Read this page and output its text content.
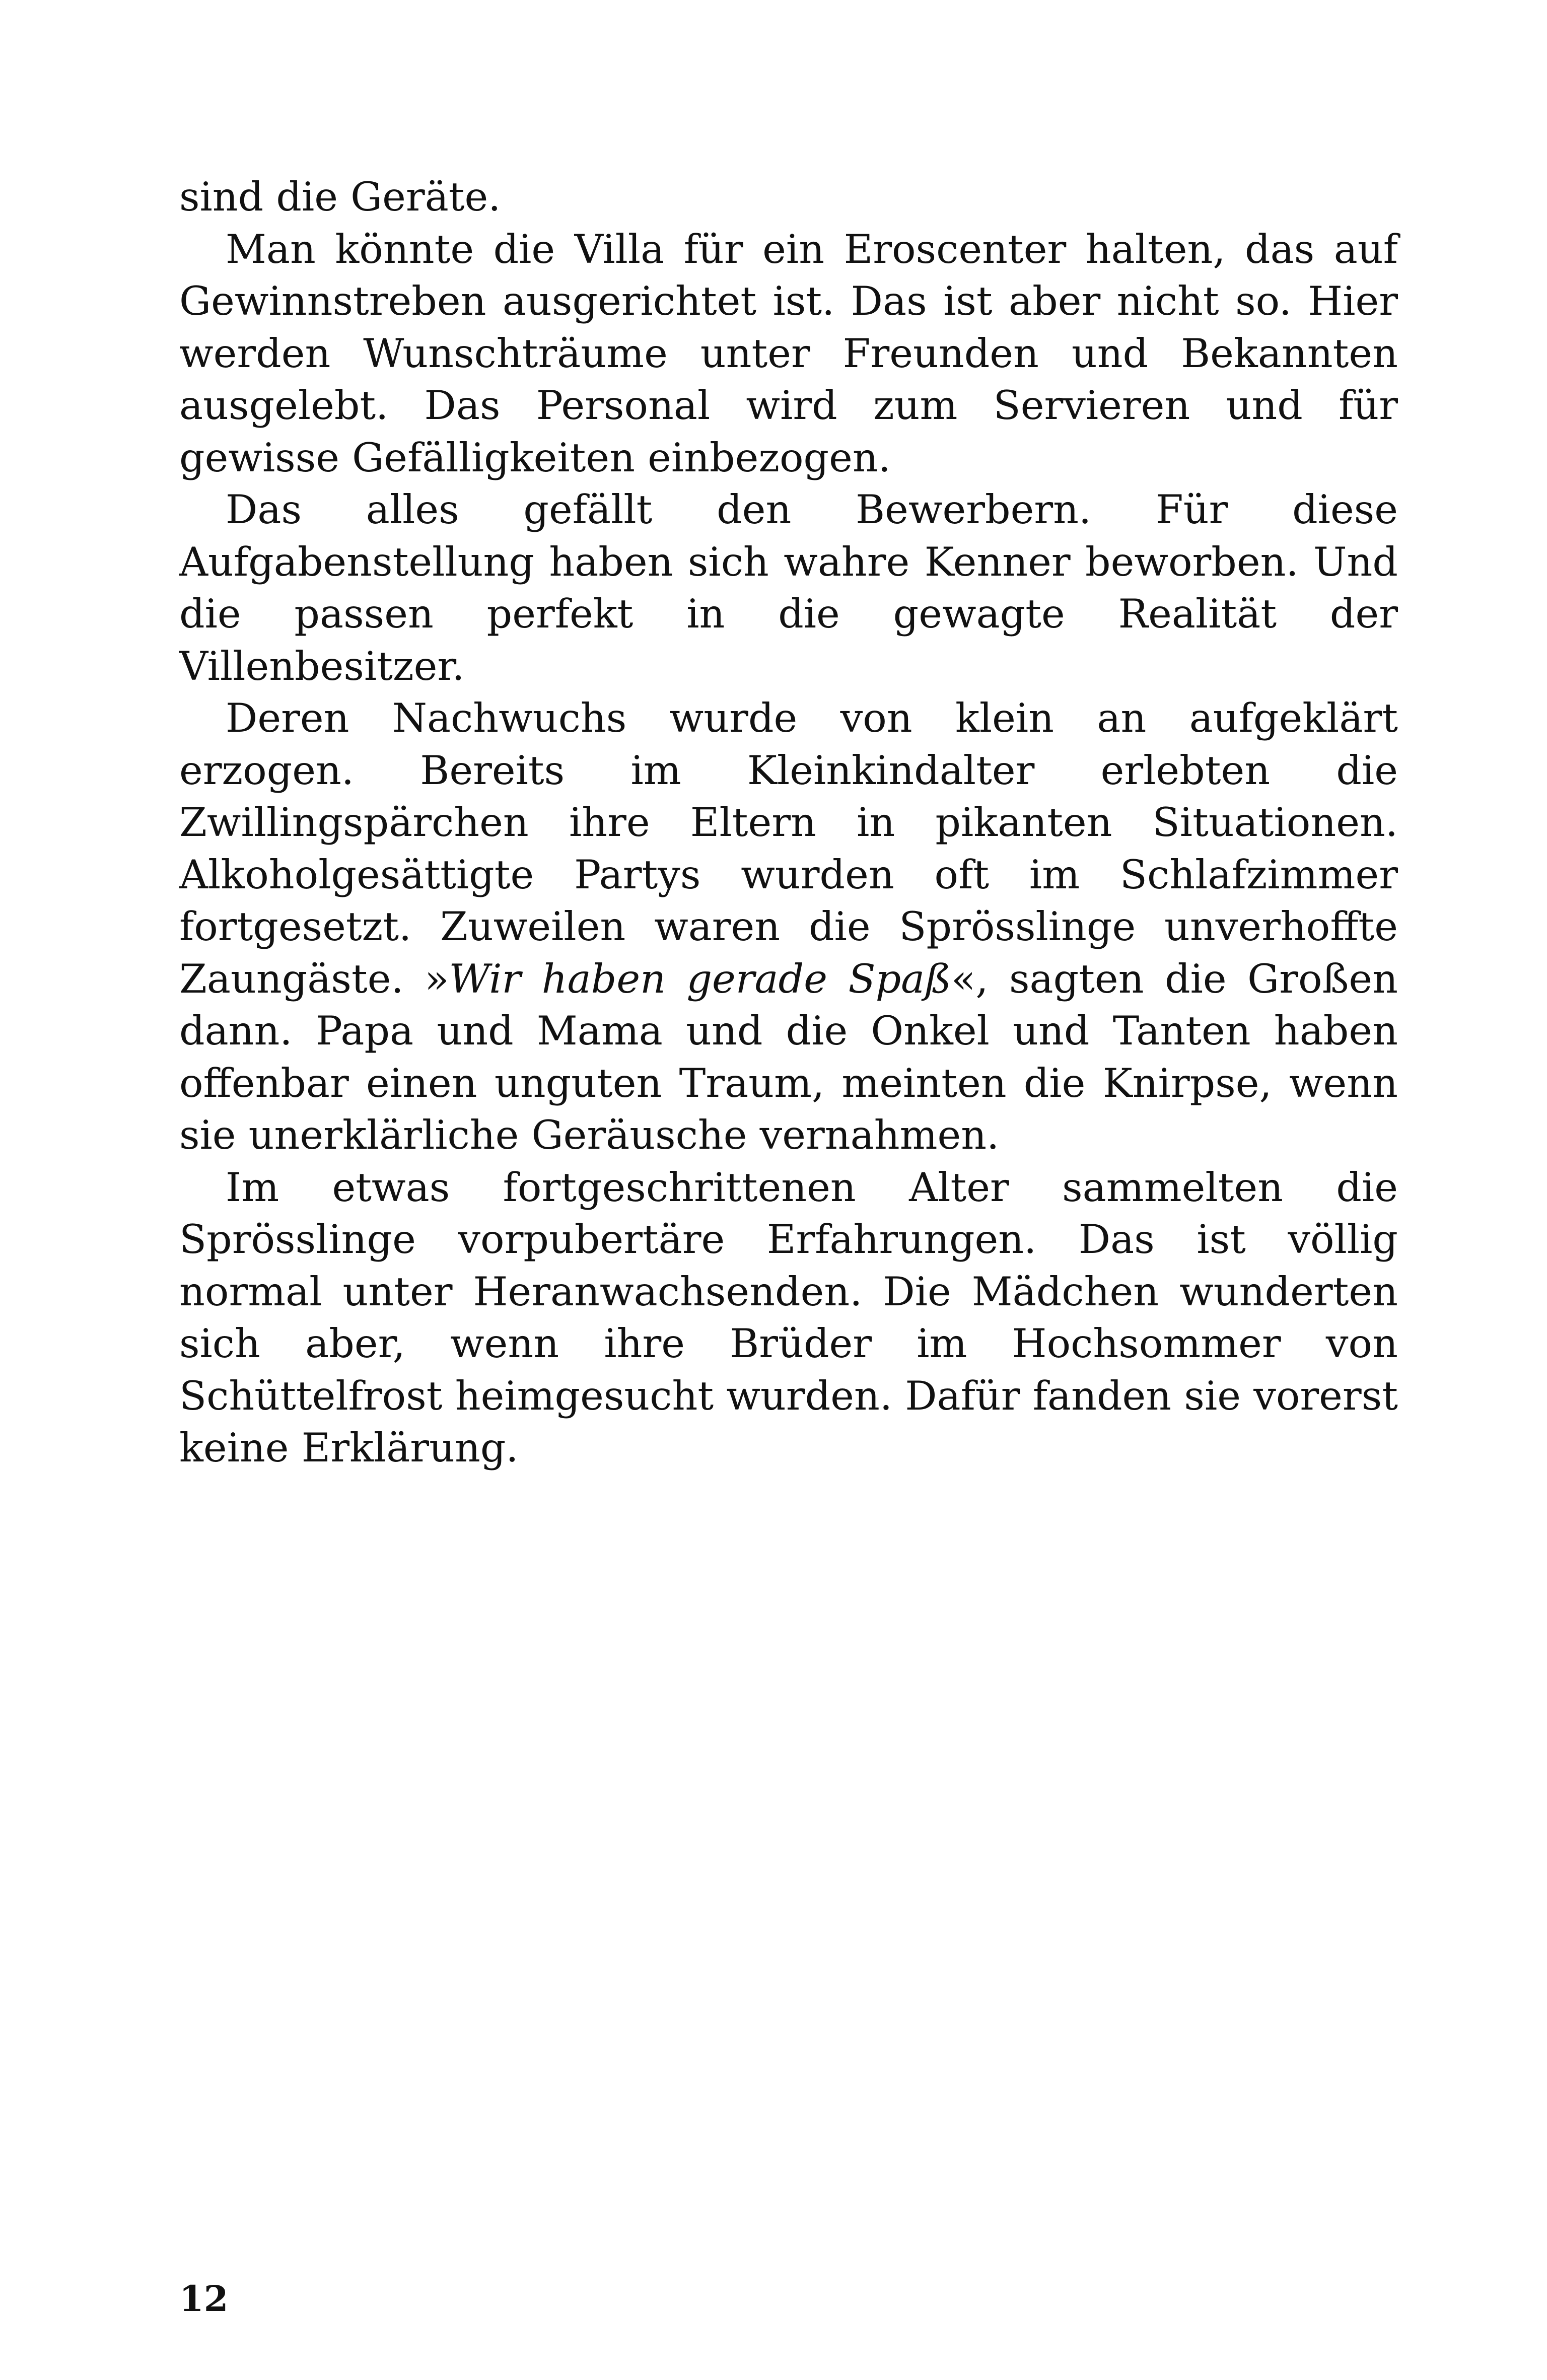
sind die Geräte.

Man könnte die Villa für ein Eroscenter halten, das auf Gewinnstreben ausgerichtet ist. Das ist aber nicht so. Hier werden Wunschträume unter Freunden und Bekannten ausgelebt. Das Personal wird zum Servieren und für gewisse Gefälligkeiten einbezogen.

Das alles gefällt den Bewerbern. Für diese Aufgabenstellung haben sich wahre Kenner beworben. Und die passen perfekt in die gewagte Realität der Villenbesitzer.

Deren Nachwuchs wurde von klein an aufgeklärt erzogen. Bereits im Kleinkindalter erlebten die Zwillingspärchen ihre Eltern in pikanten Situationen. Alkoholgesättigte Partys wurden oft im Schlafzimmer fortgesetzt. Zuweilen waren die Sprösslinge unverhoffte Zaungäste. »Wir haben gerade Spaß«, sagten die Großen dann. Papa und Mama und die Onkel und Tanten haben offenbar einen unguten Traum, meinten die Knirpse, wenn sie unerklärliche Geräusche vernahmen.

Im etwas fortgeschrittenen Alter sammelten die Sprösslinge vorpubertäre Erfahrungen. Das ist völlig normal unter Heranwachsenden. Die Mädchen wunderten sich aber, wenn ihre Brüder im Hochsommer von Schüttelfrost heimgesucht wurden. Dafür fanden sie vorerst keine Erklärung.

12
